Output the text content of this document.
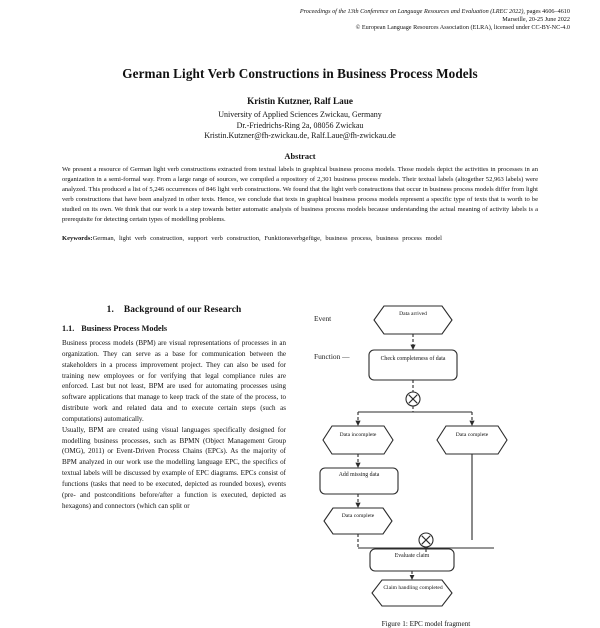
Proceedings of the 13th Conference on Language Resources and Evaluation (LREC 2022), pages 4606–4610
Marseille, 20-25 June 2022
© European Language Resources Association (ELRA), licensed under CC-BY-NC-4.0
German Light Verb Constructions in Business Process Models
Kristin Kutzner, Ralf Laue
University of Applied Sciences Zwickau, Germany
Dr.-Friedrichs-Ring 2a, 08056 Zwickau
Kristin.Kutzner@fh-zwickau.de, Ralf.Laue@fh-zwickau.de
Abstract
We present a resource of German light verb constructions extracted from textual labels in graphical business process models. Those models depict the activities in processes in an organization in a semi-formal way. From a large range of sources, we compiled a repository of 2,301 business process models. Their textual labels (altogether 52,963 labels) were analyzed. This produced a list of 5,246 occurrences of 846 light verb constructions. We found that the light verb constructions that occur in business process models differ from light verb constructions that have been analyzed in other texts. Hence, we conclude that texts in graphical business process models represent a specific type of texts that is worth to be studied on its own. We think that our work is a step towards better automatic analysis of business process models because understanding the actual meaning of activity labels is a prerequisite for detecting certain types of modelling problems.
Keywords:German, light verb construction, support verb construction, Funktionsverbgefüge, business process, business process model
1. Background of our Research
1.1. Business Process Models

Business process models (BPM) are visual representations of processes in an organization. They can serve as a base for communication between the stakeholders in a process improvement project. They can also be used for training new employees or for verifying that legal compliance rules are enforced. Last but not least, BPM are used for automating processes using software applications that manage to keep track of the state of the process, to distribute work and related data and to execute certain steps (such as computations) automatically.

Usually, BPM are created using visual languages specifically designed for modelling business processes, such as BPMN (Object Management Group (OMG), 2011) or Event-Driven Process Chains (EPCs). As the majority of BPM analyzed in our work use the modelling language EPC, the specifics of textual labels will be discussed by example of EPC diagrams. EPCs consist of functions (tasks that need to be executed, depicted as rounded boxes), events (pre- and postconditions before/after a function is executed, depicted as hexagons) and connectors (which can split or

Event
Function —
Data arrived
Check completeness of data
Data incomplete	Data complete
Add missing data
Data complete
Evaluate claim
Claim handling completed
Figure 1: EPC model fragment
